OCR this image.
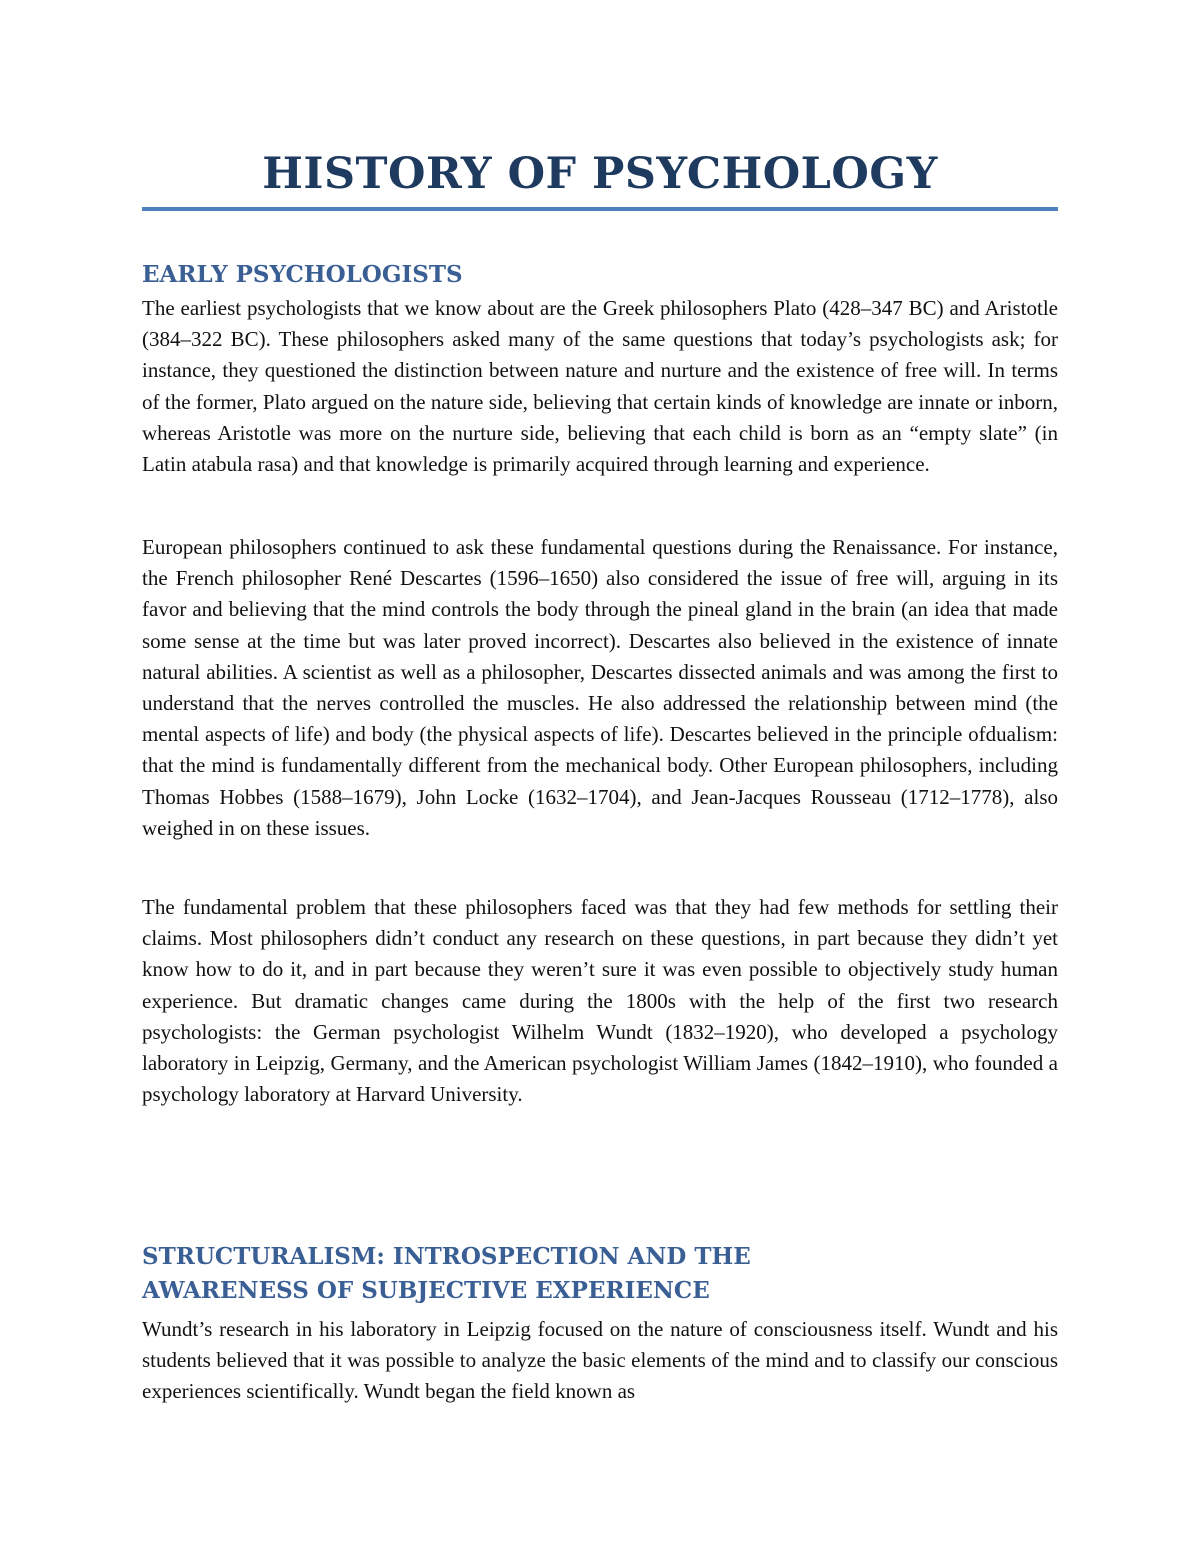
HISTORY OF PSYCHOLOGY
EARLY PSYCHOLOGISTS

The earliest psychologists that we know about are the Greek philosophers Plato (428–347 BC) and Aristotle (384–322 BC). These philosophers asked many of the same questions that today’s psychologists ask; for instance, they questioned the distinction between nature and nurture and the existence of free will. In terms of the former, Plato argued on the nature side, believing that certain kinds of knowledge are innate or inborn, whereas Aristotle was more on the nurture side, believing that each child is born as an “empty slate” (in Latin atabula rasa) and that knowledge is primarily acquired through learning and experience.

European philosophers continued to ask these fundamental questions during the Renaissance. For instance, the French philosopher René Descartes (1596–1650) also considered the issue of free will, arguing in its favor and believing that the mind controls the body through the pineal gland in the brain (an idea that made some sense at the time but was later proved incorrect). Descartes also believed in the existence of innate natural abilities. A scientist as well as a philosopher, Descartes dissected animals and was among the first to understand that the nerves controlled the muscles. He also addressed the relationship between mind (the mental aspects of life) and body (the physical aspects of life). Descartes believed in the principle ofdualism: that the mind is fundamentally different from the mechanical body. Other European philosophers, including Thomas Hobbes (1588–1679), John Locke (1632–1704), and Jean-Jacques Rousseau (1712–1778), also weighed in on these issues.

The fundamental problem that these philosophers faced was that they had few methods for settling their claims. Most philosophers didn’t conduct any research on these questions, in part because they didn’t yet know how to do it, and in part because they weren’t sure it was even possible to objectively study human experience. But dramatic changes came during the 1800s with the help of the first two research psychologists: the German psychologist Wilhelm Wundt (1832–1920), who developed a psychology laboratory in Leipzig, Germany, and the American psychologist William James (1842–1910), who founded a psychology laboratory at Harvard University.

STRUCTURALISM: INTROSPECTION AND THE AWARENESS OF SUBJECTIVE EXPERIENCE

Wundt’s research in his laboratory in Leipzig focused on the nature of consciousness itself. Wundt and his students believed that it was possible to analyze the basic elements of the mind and to classify our conscious experiences scientifically. Wundt began the field known as
